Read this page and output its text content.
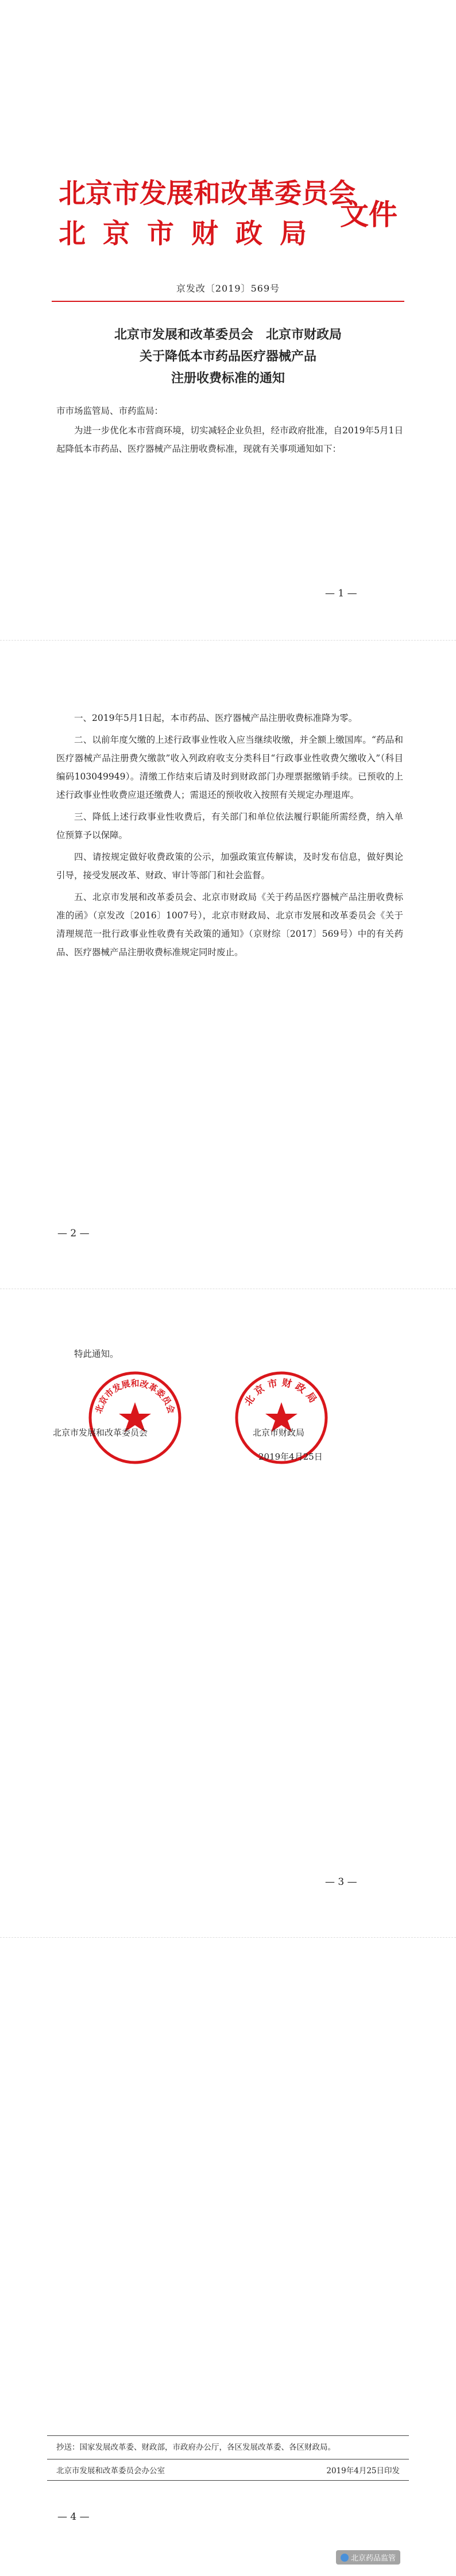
北京市发展和改革委员会
北京市财政局
文件
京发改〔2019〕569号
北京市发展和改革委员会　北京市财政局
关于降低本市药品医疗器械产品
注册收费标准的通知
市市场监管局、市药监局：
为进一步优化本市营商环境，切实减轻企业负担，经市政府批准，自2019年5月1日起降低本市药品、医疗器械产品注册收费标准，现就有关事项通知如下：
— 1 —

一、2019年5月1日起，本市药品、医疗器械产品注册收费标准降为零。

二、以前年度欠缴的上述行政事业性收入应当继续收缴，并全额上缴国库。“药品和医疗器械产品注册费欠缴款”收入列政府收支分类科目“行政事业性收费欠缴收入”（科目编码103049949）。清缴工作结束后请及时到财政部门办理票据缴销手续。已预收的上述行政事业性收费应退还缴费人；需退还的预收收入按照有关规定办理退库。

三、降低上述行政事业性收费后，有关部门和单位依法履行职能所需经费，纳入单位预算予以保障。

四、请按规定做好收费政策的公示，加强政策宣传解读，及时发布信息，做好舆论引导，接受发展改革、财政、审计等部门和社会监督。

五、北京市发展和改革委员会、北京市财政局《关于药品医疗器械产品注册收费标准的函》（京发改〔2016〕1007号），北京市财政局、北京市发展和改革委员会《关于清理规范一批行政事业性收费有关政策的通知》（京财综〔2017〕569号）中的有关药品、医疗器械产品注册收费标准规定同时废止。

— 2 —
特此通知。
北京市发展和改革委员会
北京市财政局
北京市发展和改革委员会	北京市财政局
2019年4月25日
— 3 —
抄送：国家发展改革委、财政部，市政府办公厅，各区发展改革委、各区财政局。
北京市发展和改革委员会办公室	2019年4月25日印发
— 4 —
北京药品监管
